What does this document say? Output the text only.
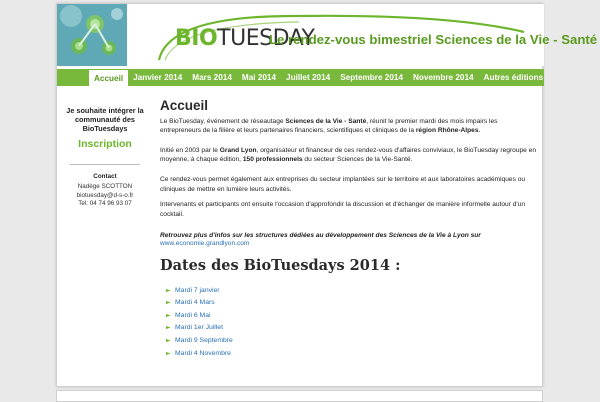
BIOTUESDAY
Le rendez-vous bimestriel Sciences de la Vie - Santé
Accueil	Janvier 2014	Mars 2014	Mai 2014	Juillet 2014	Septembre 2014	Novembre 2014	Autres éditions
Je souhaite intégrer la communauté des BioTuesdays
Inscription
Contact
Nadège SCOTTON
biotuesday@d-s-o.fr
Tel: 04 74 96 93 07
Accueil

Le BioTuesday, événement de réseautage Sciences de la Vie - Santé, réunit le premier mardi des mois impairs les entrepreneurs de la filière et leurs partenaires financiers, scientifiques et cliniques de la région Rhône-Alpes.

Initié en 2003 par le Grand Lyon, organisateur et financeur de ces rendez-vous d'affaires conviviaux, le BioTuesday regroupe en moyenne, à chaque édition, 150 professionnels du secteur Sciences de la Vie-Santé.

Ce rendez-vous permet également aux entreprises du secteur implantées sur le territoire et aux laboratoires académiques ou cliniques de mettre en lumière leurs activités.

Intervenants et participants ont ensuite l'occasion d'approfondir la discussion et d'échanger de manière informelle autour d'un cocktail.

Retrouvez plus d'infos sur les structures dédiées au développement des Sciences de la Vie à Lyon sur

www.economie.grandlyon.com
Dates des BioTuesdays 2014 :
► Mardi 7 janvier
► Mardi 4 Mars
► Mardi 6 Mai
► Mardi 1er Juillet
► Mardi 9 Septembre
► Mardi 4 Novembre
